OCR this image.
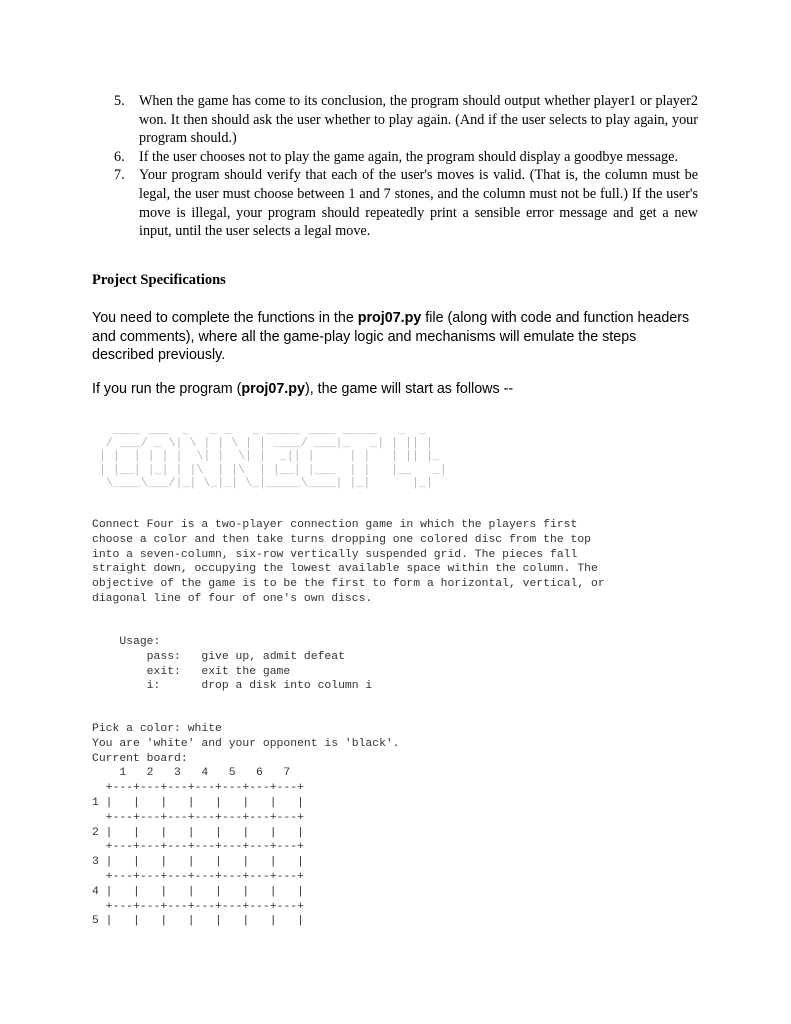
5. When the game has come to its conclusion, the program should output whether player1 or player2 won. It then should ask the user whether to play again. (And if the user selects to play again, your program should.)
6. If the user chooses not to play the game again, the program should display a goodbye message.
7. Your program should verify that each of the user's moves is valid. (That is, the column must be legal, the user must choose between 1 and 7 stones, and the column must not be full.) If the user's move is illegal, your program should repeatedly print a sensible error message and get a new input, until the user selects a legal move.
Project Specifications

You need to complete the functions in the proj07.py file (along with code and function headers and comments), where all the game-play logic and mechanisms will emulate the steps described previously.

If you run the program (proj07.py), the game will start as follows --

____ ___  _   _ _   _ _____ ____ _____   _  _
/ ___/ _ \| \ | | \ | | ____/ ___|_   _| | || |
| |  | | | |  \| |  \| |  _|| |     | |   | || |_
| |__| |_| | |\  | |\  | |__| |___  | |   |__   _|
\____\___/|_| \_|_| \_|_____\____| |_|      |_|
Connect Four is a two-player connection game in which the players first
choose a color and then take turns dropping one colored disc from the top
into a seven-column, six-row vertically suspended grid. The pieces fall
straight down, occupying the lowest available space within the column. The
objective of the game is to be the first to form a horizontal, vertical, or
diagonal line of four of one's own discs.
Usage:
pass:   give up, admit defeat
exit:   exit the game
i:      drop a disk into column i
Pick a color: white
You are 'white' and your opponent is 'black'.
Current board:
1   2   3   4   5   6   7
+---+---+---+---+---+---+---+
1 |   |   |   |   |   |   |   |
+---+---+---+---+---+---+---+
2 |   |   |   |   |   |   |   |
+---+---+---+---+---+---+---+
3 |   |   |   |   |   |   |   |
+---+---+---+---+---+---+---+
4 |   |   |   |   |   |   |   |
+---+---+---+---+---+---+---+
5 |   |   |   |   |   |   |   |
